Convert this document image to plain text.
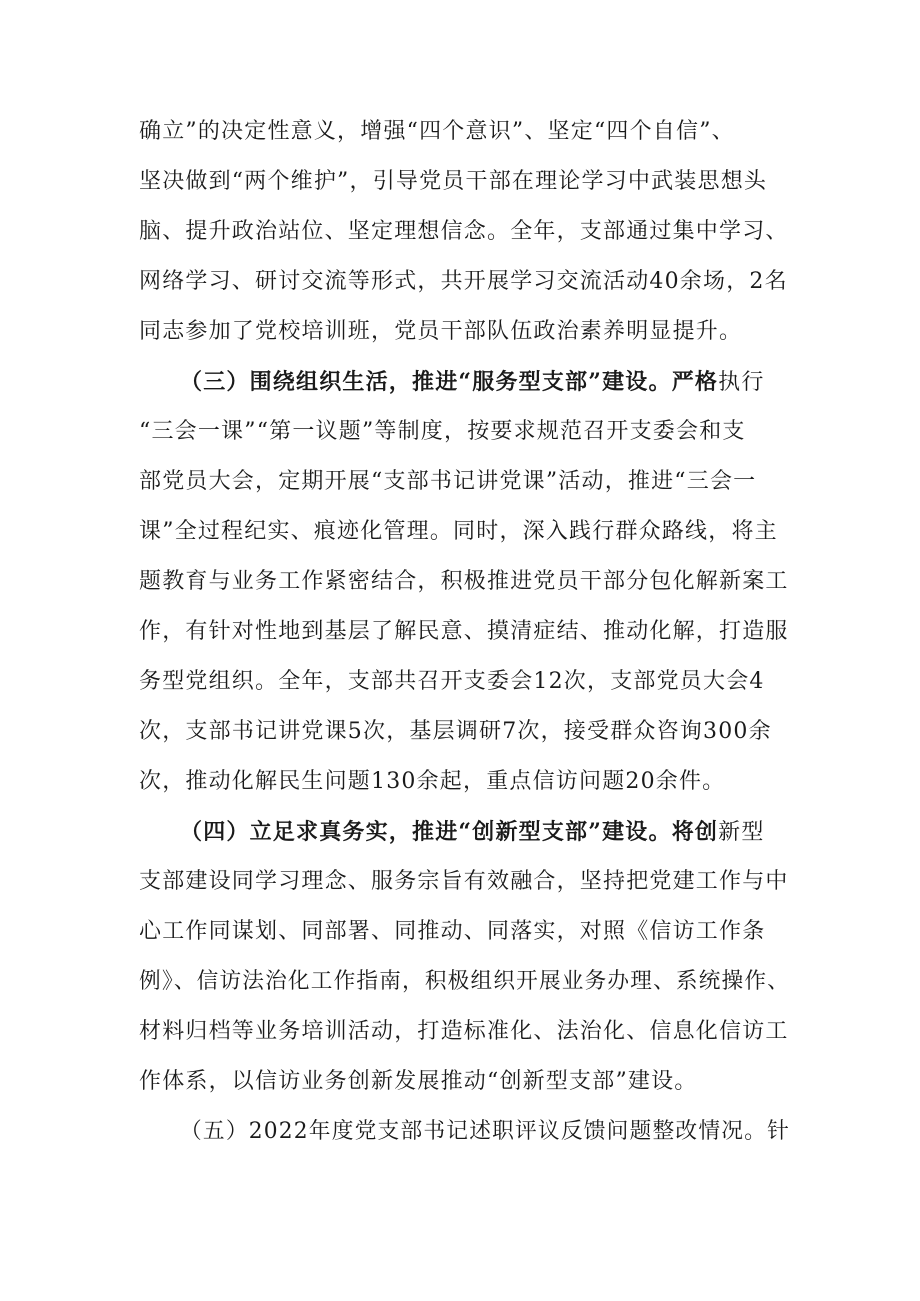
确立”的决定性意义，增强“四个意识”、坚定“四个自信”、
坚决做到“两个维护”，引导党员干部在理论学习中武装思想头
脑、提升政治站位、坚定理想信念。全年，支部通过集中学习、
网络学习、研讨交流等形式，共开展学习交流活动40余场，2名
同志参加了党校培训班，党员干部队伍政治素养明显提升。
（三）围绕组织生活，推进“服务型支部”建设。严格执行
“三会一课”“第一议题”等制度，按要求规范召开支委会和支
部党员大会，定期开展“支部书记讲党课”活动，推进“三会一
课”全过程纪实、痕迹化管理。同时，深入践行群众路线，将主
题教育与业务工作紧密结合，积极推进党员干部分包化解新案工
作，有针对性地到基层了解民意、摸清症结、推动化解，打造服
务型党组织。全年，支部共召开支委会12次，支部党员大会4
次，支部书记讲党课5次，基层调研7次，接受群众咨询300余
次，推动化解民生问题130余起，重点信访问题20余件。
（四）立足求真务实，推进“创新型支部”建设。将创新型
支部建设同学习理念、服务宗旨有效融合，坚持把党建工作与中
心工作同谋划、同部署、同推动、同落实，对照《信访工作条
例》、信访法治化工作指南，积极组织开展业务办理、系统操作、
材料归档等业务培训活动，打造标准化、法治化、信息化信访工
作体系，以信访业务创新发展推动“创新型支部”建设。
（五）2022年度党支部书记述职评议反馈问题整改情况。针
